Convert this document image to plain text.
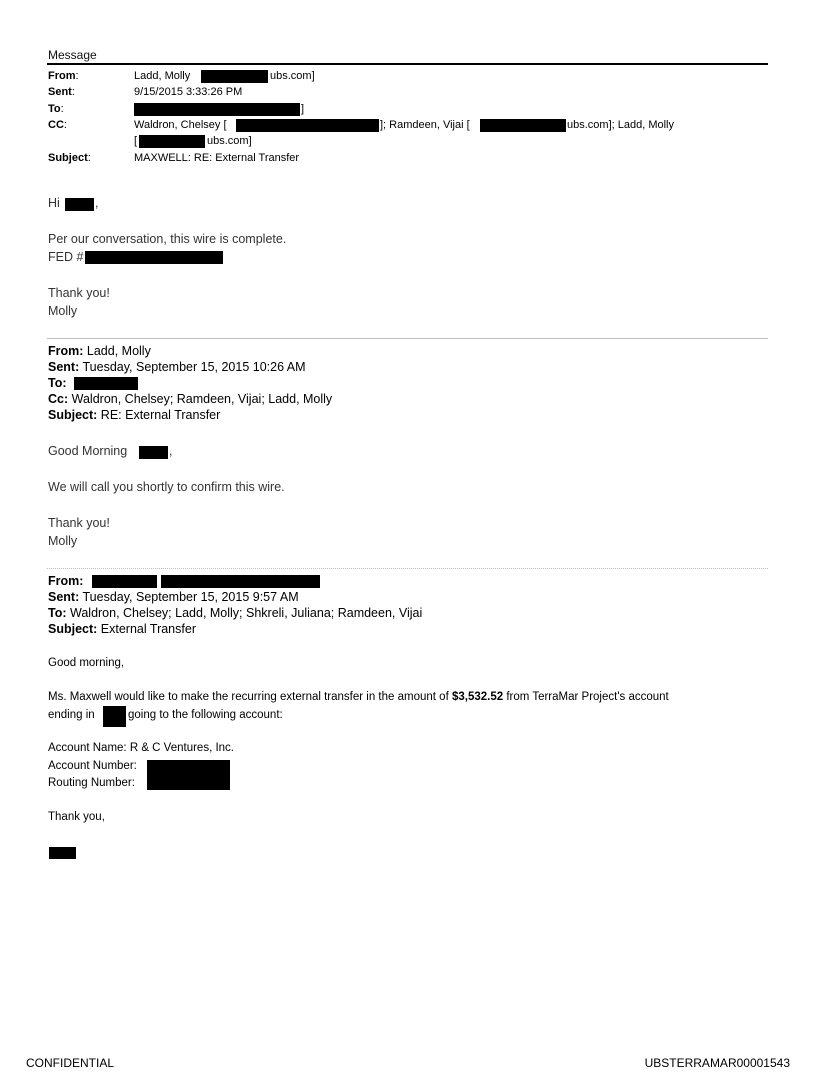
Message
From:	Ladd, Molly	ubs.com]
Sent:	9/15/2015 3:33:26 PM
To:	]
CC:	Waldron, Chelsey [	]; Ramdeen, Vijai [	ubs.com]; Ladd, Molly
[	ubs.com]
Subject:	MAXWELL: RE: External Transfer
Hi	,
Per our conversation, this wire is complete.
FED #
Thank you!
Molly
From: Ladd, Molly
Sent: Tuesday, September 15, 2015 10:26 AM
To:
Cc: Waldron, Chelsey; Ramdeen, Vijai; Ladd, Molly
Subject: RE: External Transfer
Good Morning	,
We will call you shortly to confirm this wire.
Thank you!
Molly
From:
Sent: Tuesday, September 15, 2015 9:57 AM
To: Waldron, Chelsey; Ladd, Molly; Shkreli, Juliana; Ramdeen, Vijai
Subject: External Transfer
Good morning,
Ms. Maxwell would like to make the recurring external transfer in the amount of $3,532.52 from TerraMar Project's account
ending in	going to the following account:
Account Name: R & C Ventures, Inc.
Account Number:
Routing Number:
Thank you,
CONFIDENTIAL	UBSTERRAMAR00001543
